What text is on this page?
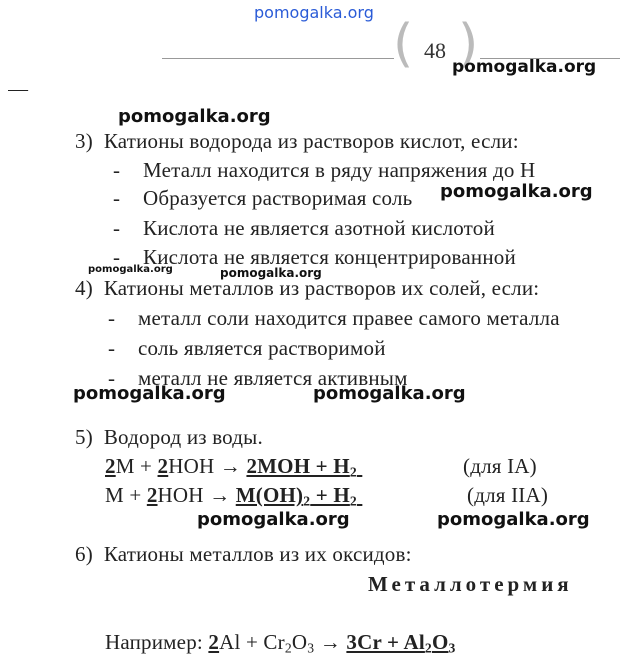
pomogalka.org
( )
48
pomogalka.org
—
pomogalka.org
3) Катионы водорода из растворов кислот, если:
- Металл находится в ряду напряжения до Н
- Образуется растворимая соль pomogalka.org
- Кислота не является азотной кислотой
- Кислота не является концентрированной
pomogalka.org	pomogalka.org
4) Катионы металлов из растворов их солей, если:
- металл соли находится правее самого металла
- соль является растворимой
- металл не является активным
pomogalka.org	pomogalka.org
5) Водород из воды.
$2M + 2HOH \to 2MOH + H_2$	(для IA)
$M + 2HOH \to M(OH)_2 + H_2$	(для IIA)
pomogalka.org	pomogalka.org
6) Катионы металлов из их оксидов:
Металлотермия
Например: $2Al + Cr_2O_3 \to 3Cr + Al_2O_3$
